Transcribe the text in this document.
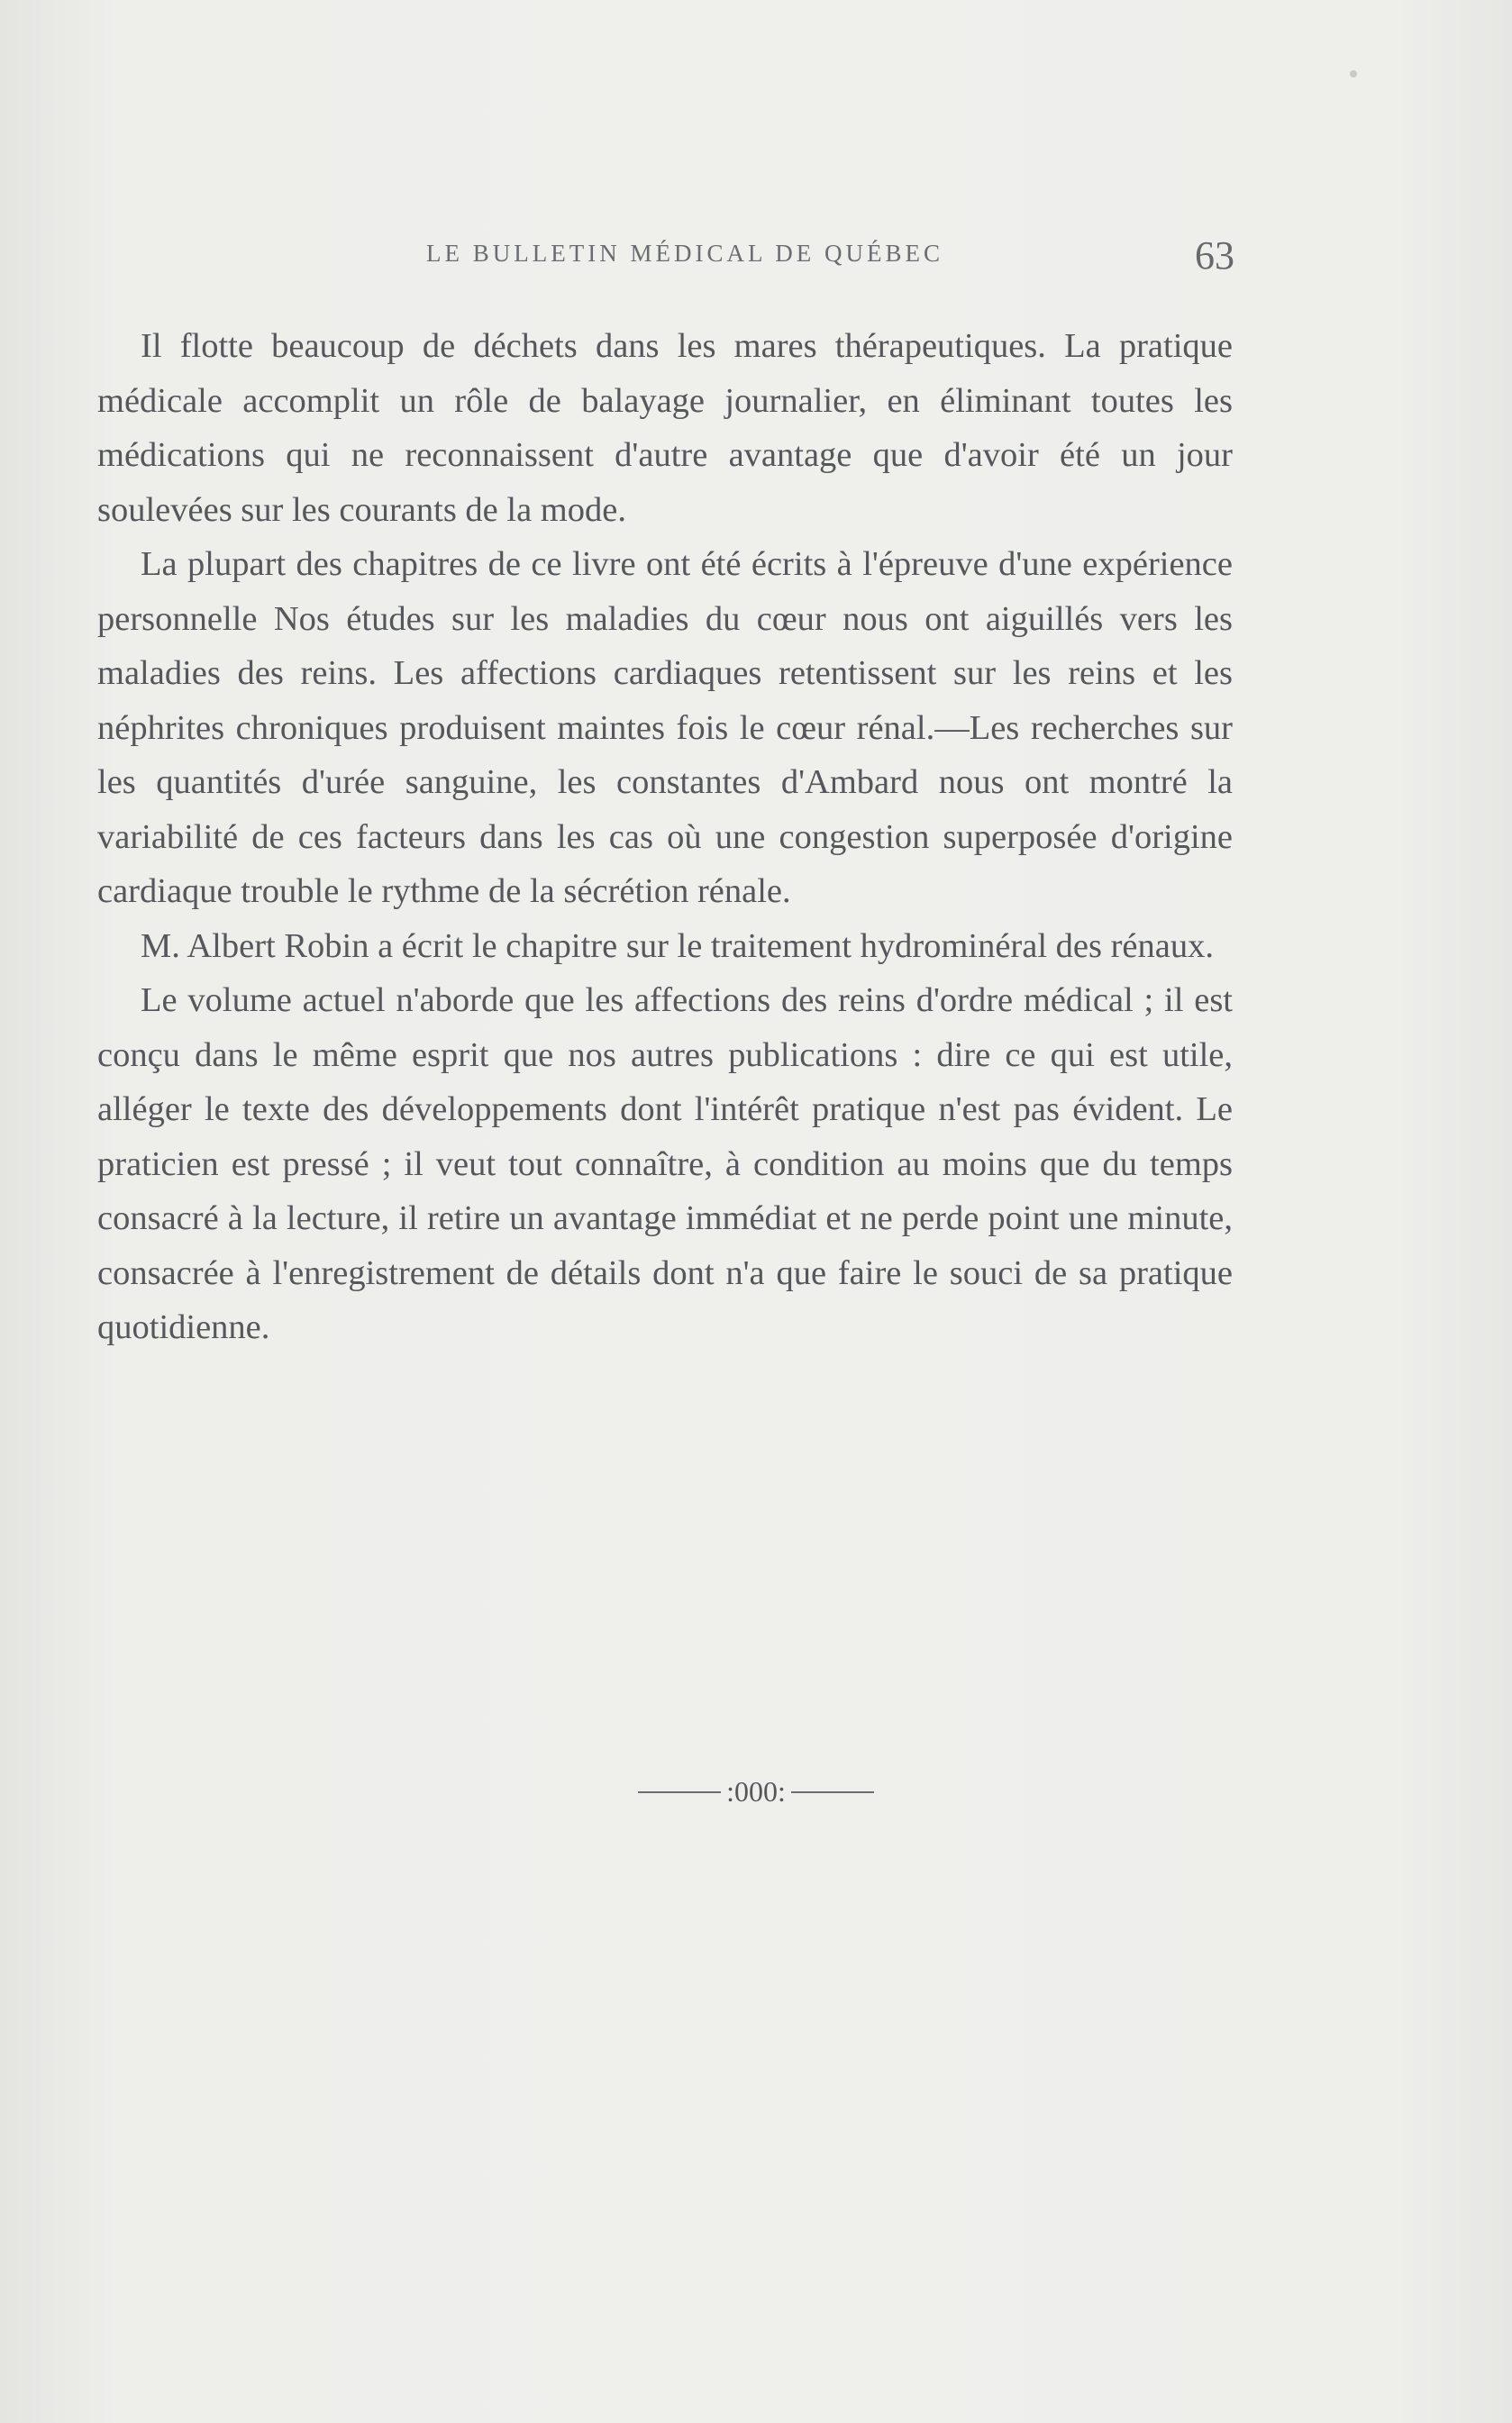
LE BULLETIN MÉDICAL DE QUÉBEC	63

Il flotte beaucoup de déchets dans les mares thérapeutiques. La pratique médicale accomplit un rôle de balayage journalier, en éliminant toutes les médications qui ne reconnaissent d'autre avantage que d'avoir été un jour soulevées sur les courants de la mode.

La plupart des chapitres de ce livre ont été écrits à l'épreuve d'une expérience personnelle Nos études sur les maladies du cœur nous ont aiguillés vers les maladies des reins. Les affections cardiaques retentissent sur les reins et les néphrites chroniques produisent maintes fois le cœur rénal.—Les recherches sur les quantités d'urée sanguine, les constantes d'Ambard nous ont montré la variabilité de ces facteurs dans les cas où une congestion superposée d'origine cardiaque trouble le rythme de la sécrétion rénale.

M. Albert Robin a écrit le chapitre sur le traitement hydrominéral des rénaux.

Le volume actuel n'aborde que les affections des reins d'ordre médical ; il est conçu dans le même esprit que nos autres publications : dire ce qui est utile, alléger le texte des développements dont l'intérêt pratique n'est pas évident. Le praticien est pressé ; il veut tout connaître, à condition au moins que du temps consacré à la lecture, il retire un avantage immédiat et ne perde point une minute, consacrée à l'enregistrement de détails dont n'a que faire le souci de sa pratique quotidienne.

:000:
